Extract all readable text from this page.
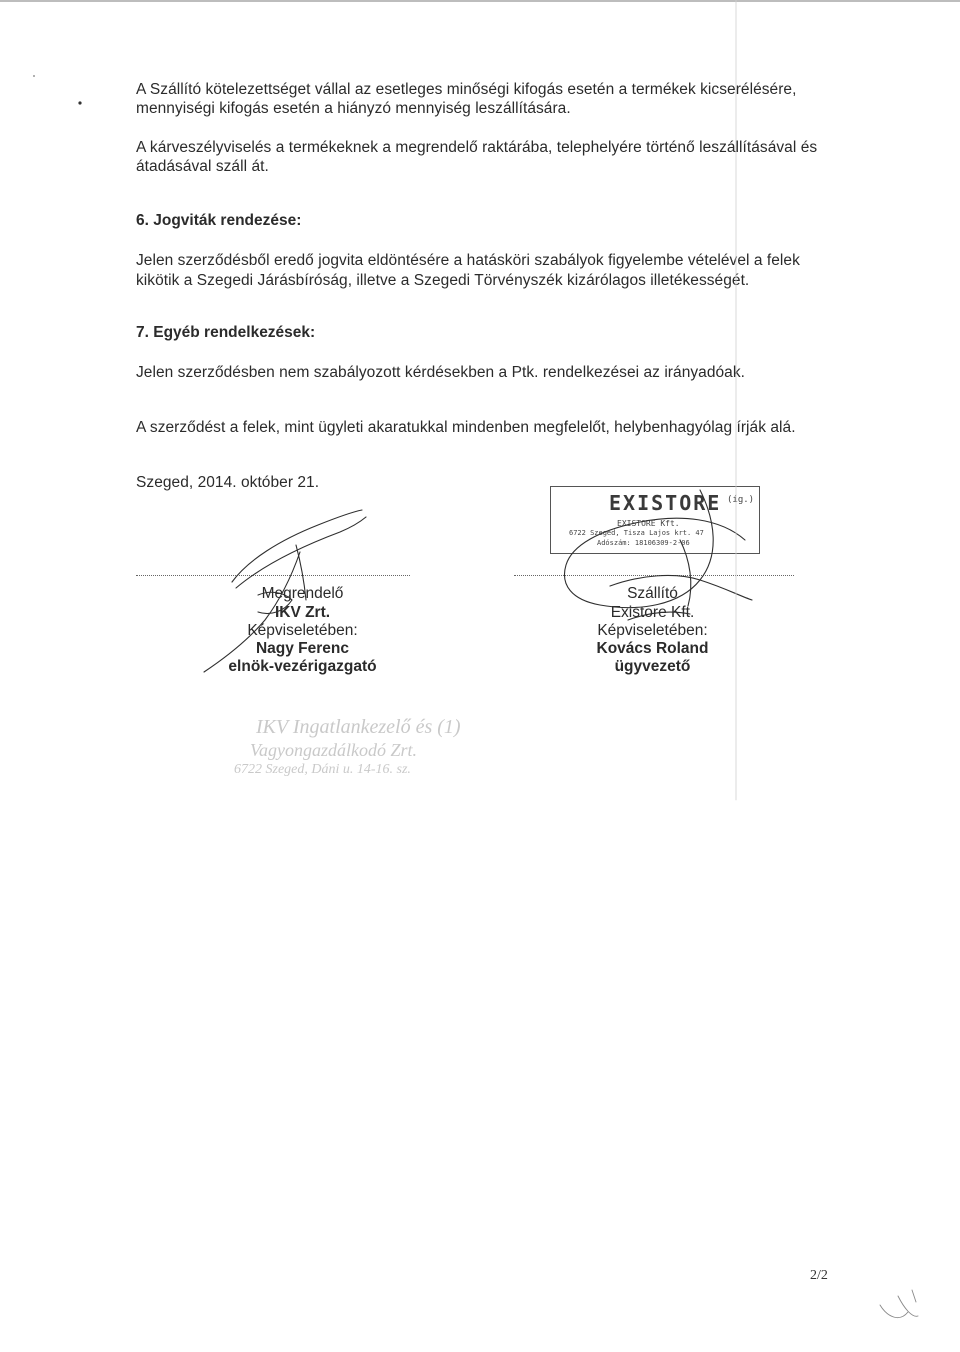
A Szállító kötelezettséget vállal az esetleges minőségi kifogás esetén a termékek kicserélésére,
mennyiségi kifogás esetén a hiányzó mennyiség leszállítására.
A kárveszélyviselés a termékeknek a megrendelő raktárába, telephelyére történő leszállításával és
átadásával száll át.
6. Jogviták rendezése:
Jelen szerződésből eredő jogvita eldöntésére a hatásköri szabályok figyelembe vételével a felek
kikötik a Szegedi Járásbíróság, illetve a Szegedi Törvényszék kizárólagos illetékességét.
7. Egyéb rendelkezések:
Jelen szerződésben nem szabályozott kérdésekben a Ptk. rendelkezései az irányadóak.
A szerződést a felek, mint ügyleti akaratukkal mindenben megfelelőt, helybenhagyólag írják alá.
Szeged, 2014. október 21.
EXISTORE (íg.)
EXISTORE Kft.
6722 Szeged, Tisza Lajos krt. 47
Adószám: 18106309-2-06
Megrendelő
IKV Zrt.
Képviseletében:
Nagy Ferenc
elnök-vezérigazgató
Szállító
Existore Kft.
Képviseletében:
Kovács Roland
ügyvezető
IKV Ingatlankezelő és (1)
Vagyongazdálkodó Zrt.
6722 Szeged, Dáni u. 14-16. sz.
2/2
